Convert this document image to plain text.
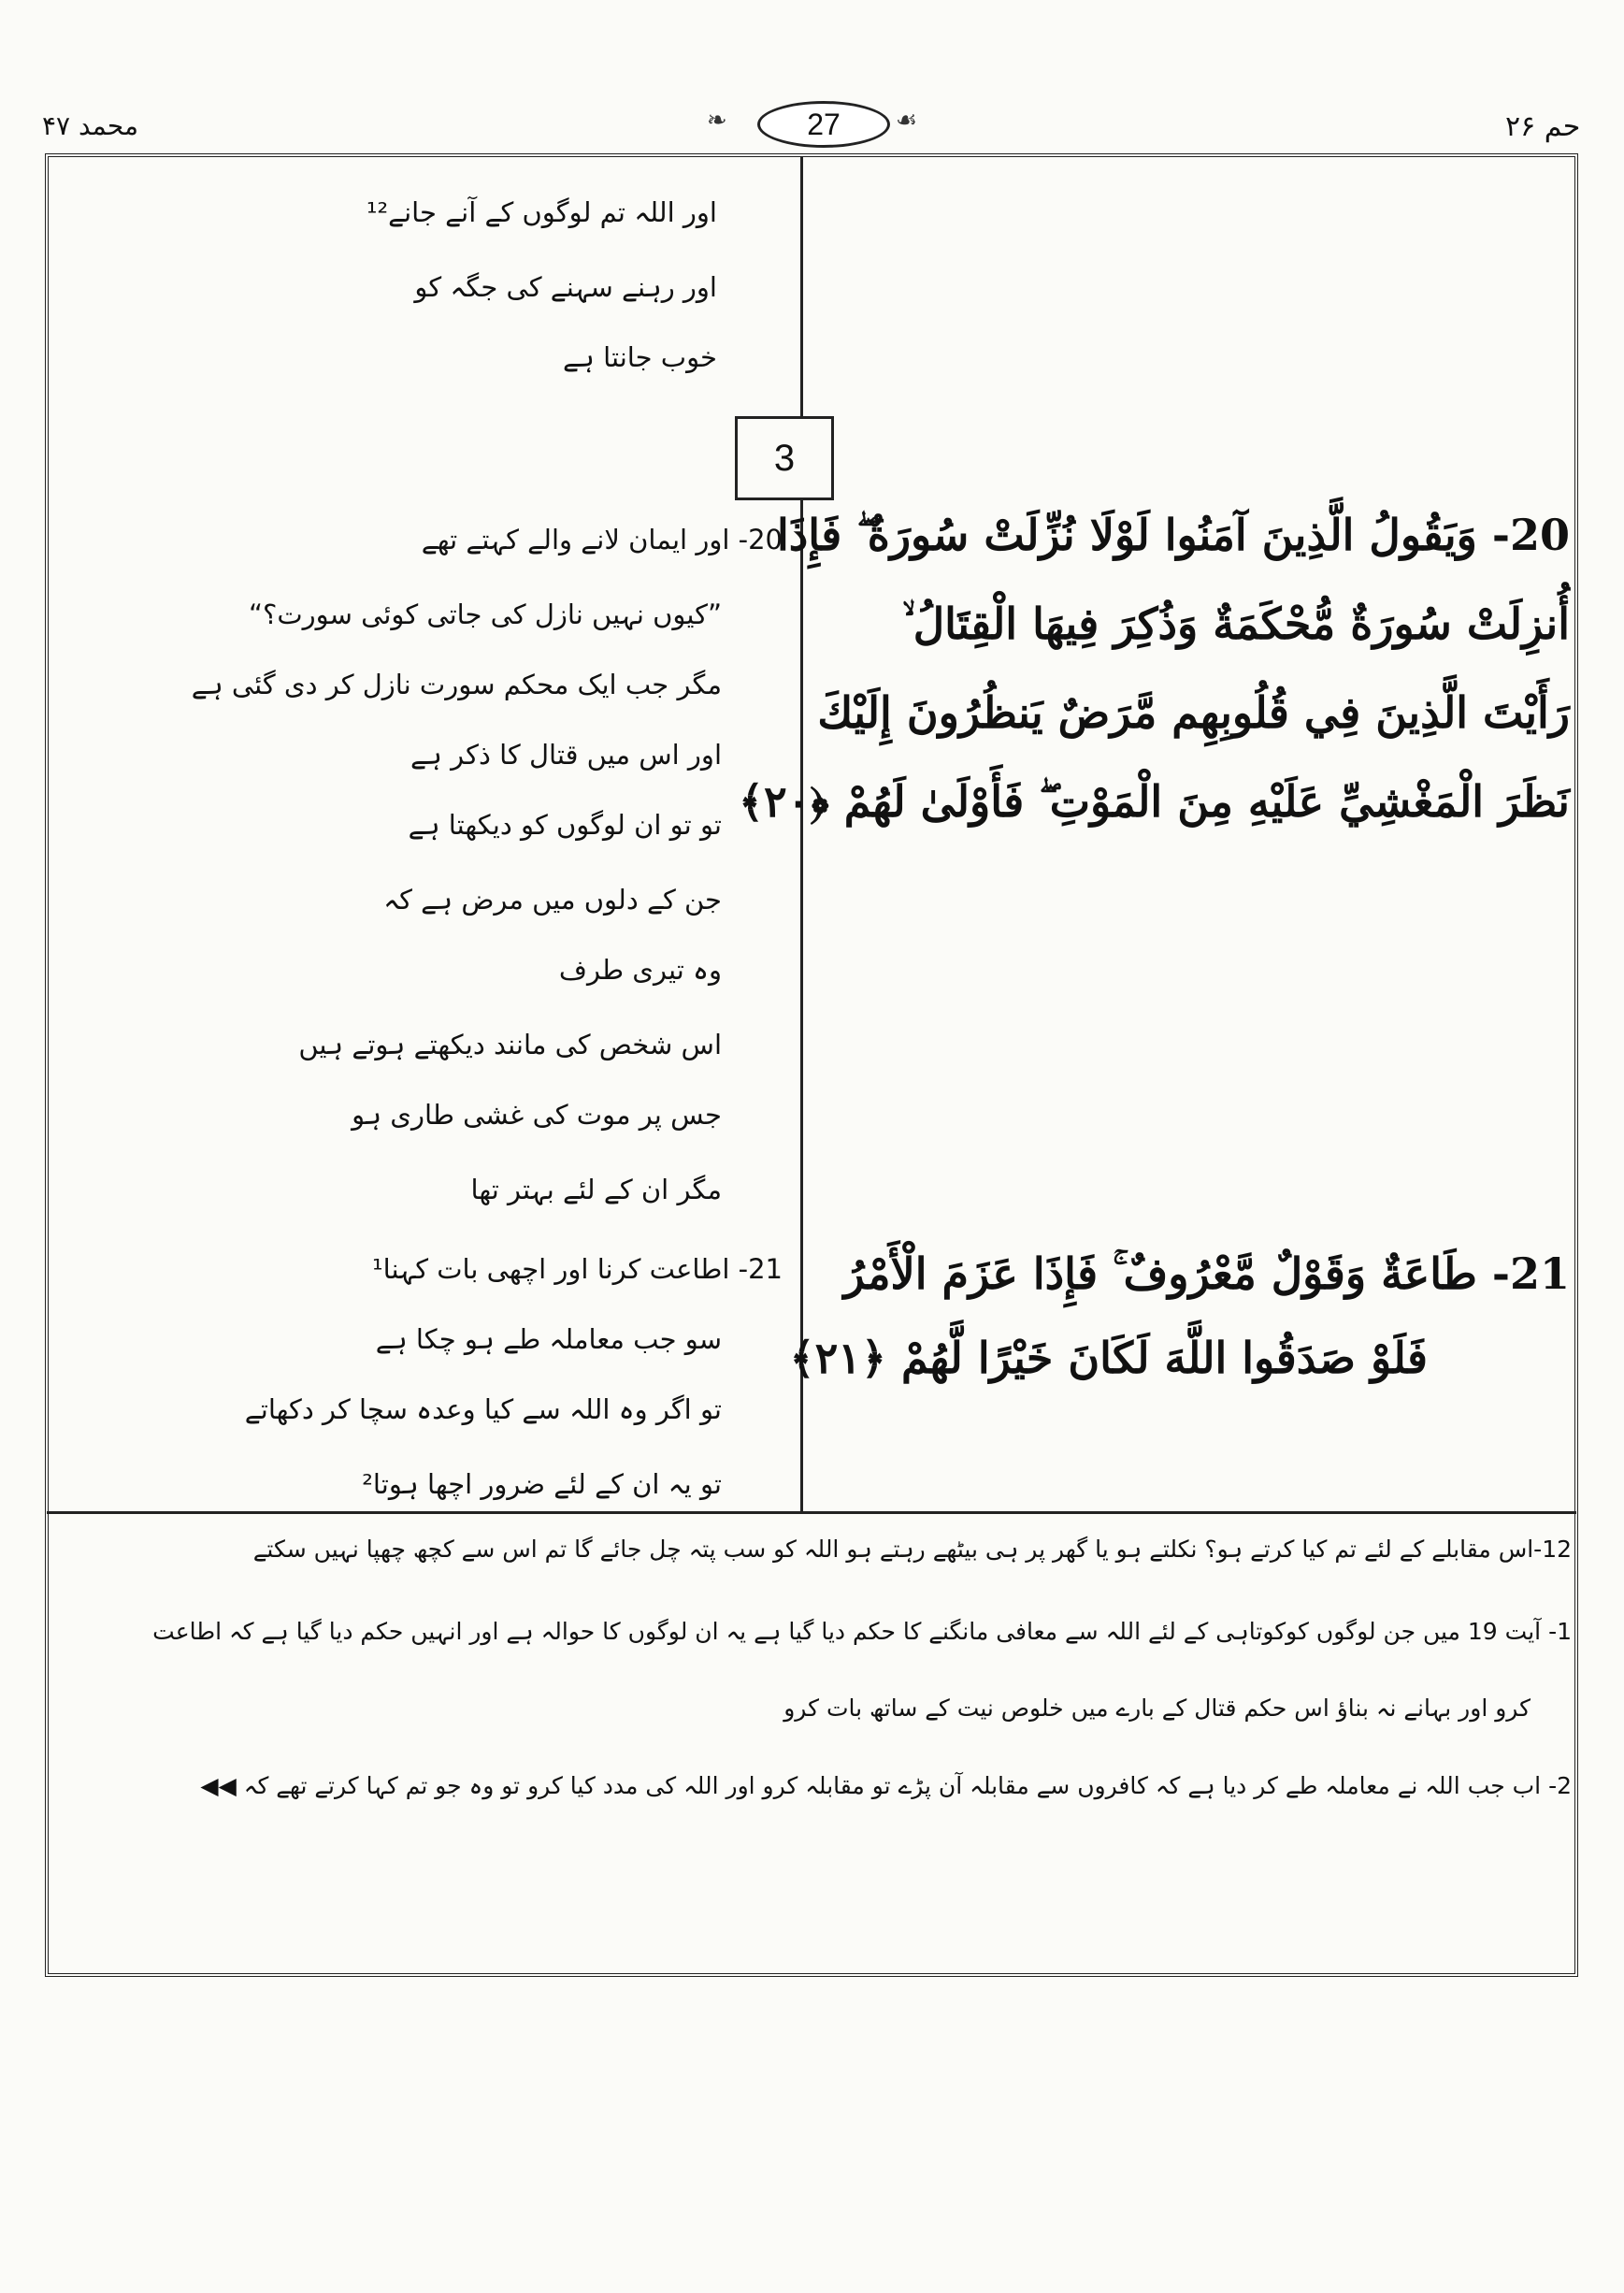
محمد ۴۷	حم ۲۶
❧	27 ☙
3
اور اللہ تم لوگوں کے آنے جانے¹²
اور رہنے سہنے کی جگہ کو
خوب جانتا ہے
20- وَيَقُولُ الَّذِينَ آمَنُوا لَوْلَا نُزِّلَتْ سُورَةٌ ۖ فَإِذَا
أُنزِلَتْ سُورَةٌ مُّحْكَمَةٌ وَذُكِرَ فِيهَا الْقِتَالُ ۙ
رَأَيْتَ الَّذِينَ فِي قُلُوبِهِم مَّرَضٌ يَنظُرُونَ إِلَيْكَ
نَظَرَ الْمَغْشِيِّ عَلَيْهِ مِنَ الْمَوْتِ ۖ فَأَوْلَىٰ لَهُمْ ﴿٢٠﴾
20- اور ایمان لانے والے کہتے تھے
”کیوں نہیں نازل کی جاتی کوئی سورت؟“
مگر جب ایک محکم سورت نازل کر دی گئی ہے
اور اس میں قتال کا ذکر ہے
تو تو ان لوگوں کو دیکھتا ہے
جن کے دلوں میں مرض ہے کہ
وہ تیری طرف
اس شخص کی مانند دیکھتے ہوتے ہیں
جس پر موت کی غشی طاری ہو
مگر ان کے لئے بہتر تھا
21- طَاعَةٌ وَقَوْلٌ مَّعْرُوفٌ ۚ فَإِذَا عَزَمَ الْأَمْرُ
فَلَوْ صَدَقُوا اللَّهَ لَكَانَ خَيْرًا لَّهُمْ ﴿٢١﴾
21- اطاعت کرنا اور اچھی بات کہنا¹
سو جب معاملہ طے ہو چکا ہے
تو اگر وہ اللہ سے کیا وعدہ سچا کر دکھاتے
تو یہ ان کے لئے ضرور اچھا ہوتا²
12-اس مقابلے کے لئے تم کیا کرتے ہو؟ نکلتے ہو یا گھر پر ہی بیٹھے رہتے ہو اللہ کو سب پتہ چل جائے گا تم اس سے کچھ چھپا نہیں سکتے
1- آیت 19 میں جن لوگوں کوکوتاہی کے لئے اللہ سے معافی مانگنے کا حکم دیا گیا ہے یہ ان لوگوں کا حوالہ ہے اور انہیں حکم دیا گیا ہے کہ اطاعت
کرو اور بہانے نہ بناؤ اس حکم قتال کے بارے میں خلوص نیت کے ساتھ بات کرو
2- اب جب اللہ نے معاملہ طے کر دیا ہے کہ کافروں سے مقابلہ آن پڑے تو مقابلہ کرو اور اللہ کی مدد کیا کرو تو وہ جو تم کہا کرتے تھے کہ ◀◀
